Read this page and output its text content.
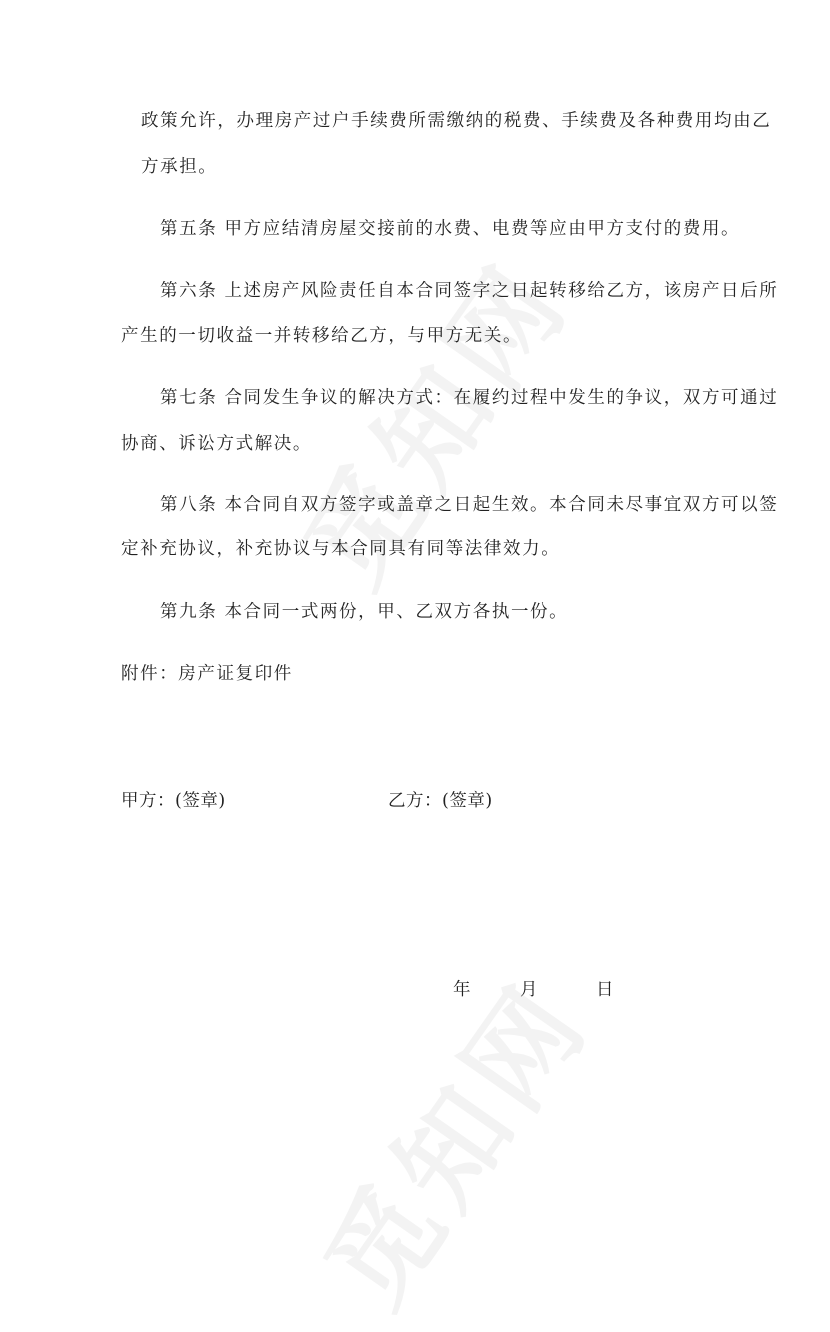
政策允许，办理房产过户手续费所需缴纳的税费、手续费及各种费用均由乙
方承担。
第五条 甲方应结清房屋交接前的水费、电费等应由甲方支付的费用。
第六条 上述房产风险责任自本合同签字之日起转移给乙方，该房产日后所
产生的一切收益一并转移给乙方，与甲方无关。
第七条 合同发生争议的解决方式：在履约过程中发生的争议，双方可通过
协商、诉讼方式解决。
第八条 本合同自双方签字或盖章之日起生效。本合同未尽事宜双方可以签
定补充协议，补充协议与本合同具有同等法律效力。
第九条 本合同一式两份，甲、乙双方各执一份。
附件：房产证复印件
甲方：(签章)	乙方：(签章)
年	月	日
